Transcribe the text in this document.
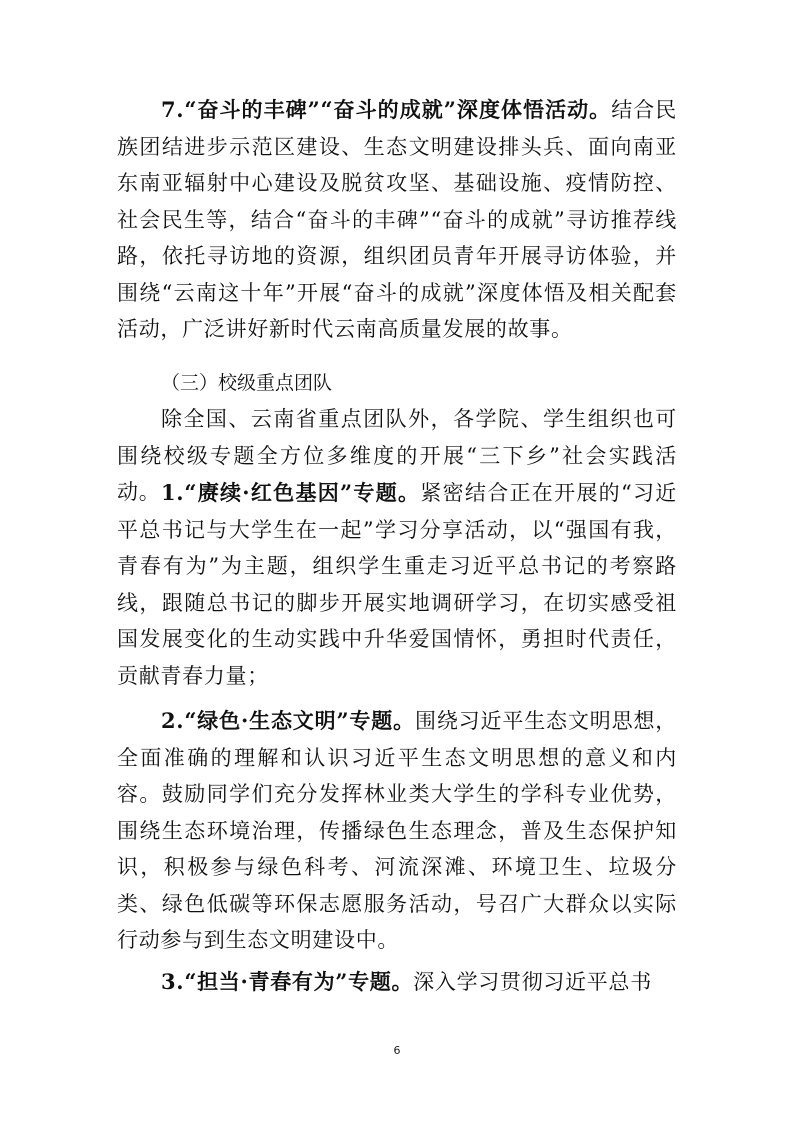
7.“奋斗的丰碑”“奋斗的成就”深度体悟活动。结合民族团结进步示范区建设、生态文明建设排头兵、面向南亚东南亚辐射中心建设及脱贫攻坚、基础设施、疫情防控、社会民生等，结合“奋斗的丰碑”“奋斗的成就”寻访推荐线路，依托寻访地的资源，组织团员青年开展寻访体验，并围绕“云南这十年”开展“奋斗的成就”深度体悟及相关配套活动，广泛讲好新时代云南高质量发展的故事。

（三）校级重点团队

除全国、云南省重点团队外，各学院、学生组织也可围绕校级专题全方位多维度的开展“三下乡”社会实践活动。 1.“赓续·红色基因”专题。紧密结合正在开展的“习近平总书记与大学生在一起”学习分享活动，以“强国有我，青春有为”为主题，组织学生重走习近平总书记的考察路线，跟随总书记的脚步开展实地调研学习，在切实感受祖国发展变化的生动实践中升华爱国情怀，勇担时代责任，贡献青春力量；

2.“绿色·生态文明”专题。围绕习近平生态文明思想，全面准确的理解和认识习近平生态文明思想的意义和内容。鼓励同学们充分发挥林业类大学生的学科专业优势，围绕生态环境治理，传播绿色生态理念，普及生态保护知识，积极参与绿色科考、河流深滩、环境卫生、垃圾分类、绿色低碳等环保志愿服务活动，号召广大群众以实际行动参与到生态文明建设中。

3.“担当·青春有为”专题。深入学习贯彻习近平总书

6
